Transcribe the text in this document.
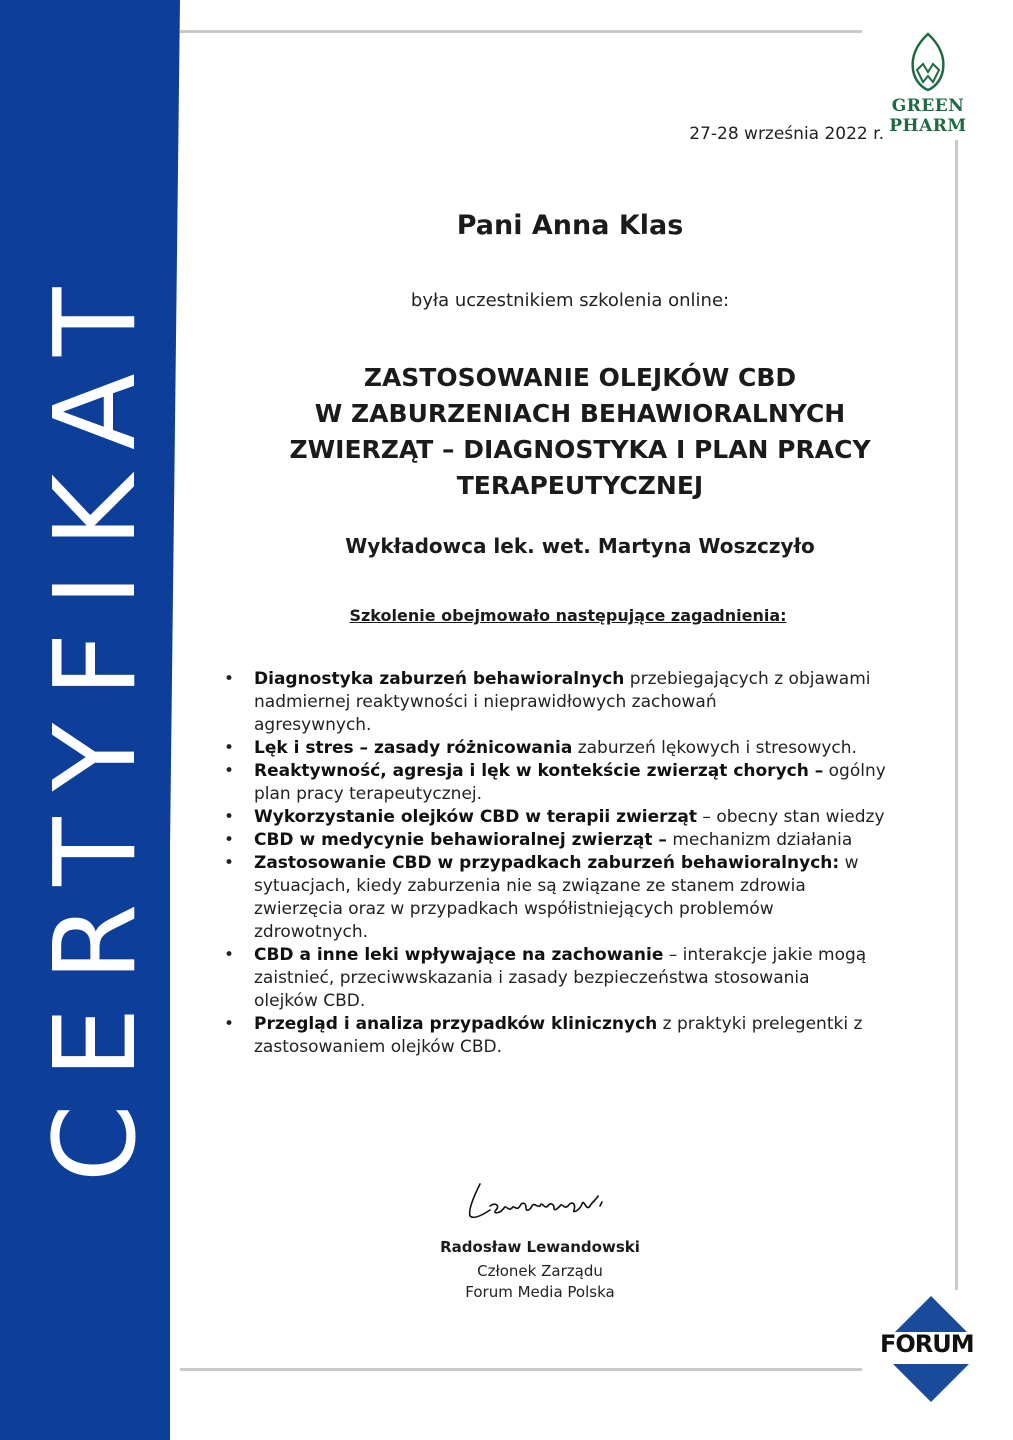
CERTYFIKAT
GREEN PHARM
27-28 września 2022 r.
Pani Anna Klas
była uczestnikiem szkolenia online:
ZASTOSOWANIE OLEJKÓW CBD
W ZABURZENIACH BEHAWIORALNYCH
ZWIERZĄT – DIAGNOSTYKA I PLAN PRACY
TERAPEUTYCZNEJ
Wykładowca lek. wet. Martyna Woszczyło
Szkolenie obejmowało następujące zagadnienia:
• Diagnostyka zaburzeń behawioralnych przebiegających z objawami
nadmiernej reaktywności i nieprawidłowych zachowań
agresywnych.
• Lęk i stres – zasady różnicowania zaburzeń lękowych i stresowych.
• Reaktywność, agresja i lęk w kontekście zwierząt chorych – ogólny
plan pracy terapeutycznej.
• Wykorzystanie olejków CBD w terapii zwierząt – obecny stan wiedzy
• CBD w medycynie behawioralnej zwierząt – mechanizm działania
• Zastosowanie CBD w przypadkach zaburzeń behawioralnych: w
sytuacjach, kiedy zaburzenia nie są związane ze stanem zdrowia
zwierzęcia oraz w przypadkach współistniejących problemów
zdrowotnych.
• CBD a inne leki wpływające na zachowanie – interakcje jakie mogą
zaistnieć, przeciwwskazania i zasady bezpieczeństwa stosowania
olejków CBD.
• Przegląd i analiza przypadków klinicznych z praktyki prelegentki z
zastosowaniem olejków CBD.
Radosław Lewandowski
Członek Zarządu
Forum Media Polska
FORUM
